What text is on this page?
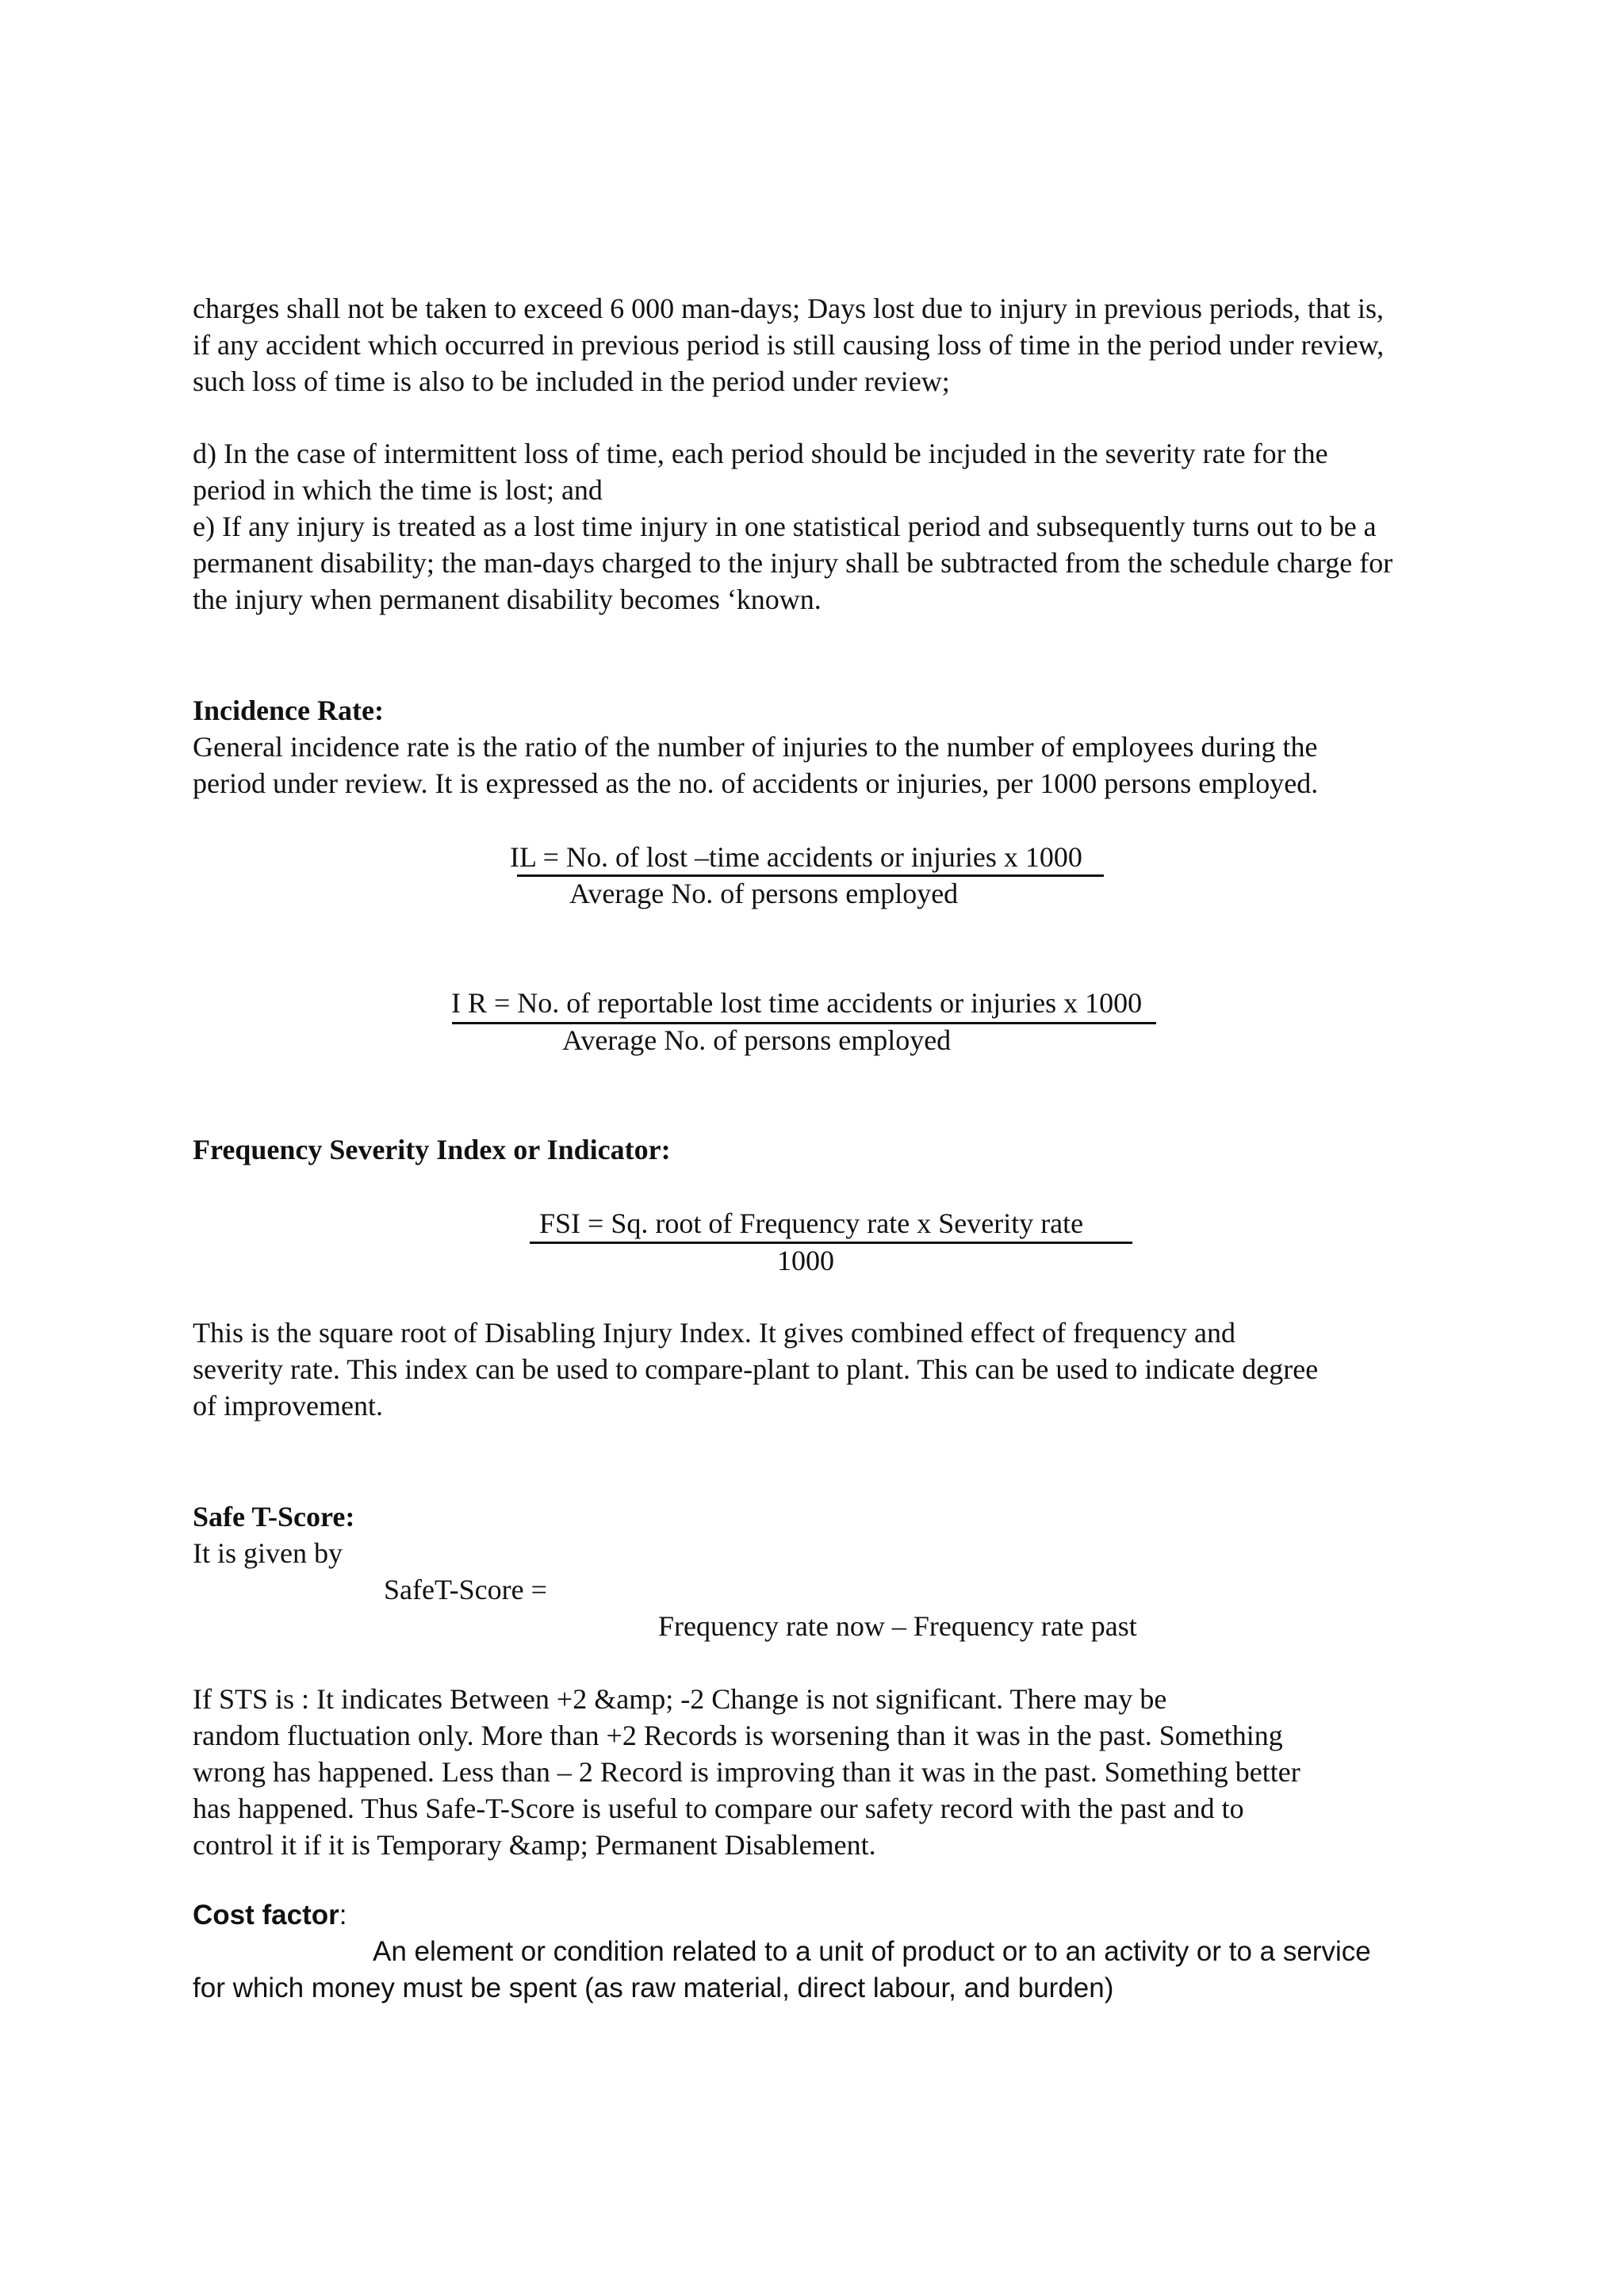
charges shall not be taken to exceed 6 000 man-days; Days lost due to injury in previous periods, that is,
if any accident which occurred in previous period is still causing loss of time in the period under review,
such loss of time is also to be included in the period under review;

d) In the case of intermittent loss of time, each period should be incjuded in the severity rate for the
period in which the time is lost; and
e) If any injury is treated as a lost time injury in one statistical period and subsequently turns out to be a
permanent disability; the man-days charged to the injury shall be subtracted from the schedule charge for
the injury when permanent disability becomes ‘known.

Incidence Rate:

General incidence rate is the ratio of the number of injuries to the number of employees during the
period under review. It is expressed as the no. of accidents or injuries, per 1000 persons employed.

IL = No. of lost –time accidents or injuries x 1000
Average No. of persons employed
I R = No. of reportable lost time accidents or injuries x 1000
Average No. of persons employed

Frequency Severity Index or Indicator:

FSI = Sq. root of Frequency rate x Severity rate
1000

This is the square root of Disabling Injury Index. It gives combined effect of frequency and
severity rate. This index can be used to compare-plant to plant. This can be used to indicate degree
of improvement.

Safe T-Score:

It is given by

SafeT-Score =
Frequency rate now – Frequency rate past

If STS is : It indicates Between +2 &amp; -2 Change is not significant. There may be
random fluctuation only. More than +2 Records is worsening than it was in the past. Something
wrong has happened. Less than – 2 Record is improving than it was in the past. Something better
has happened. Thus Safe-T-Score is useful to compare our safety record with the past and to
control it if it is Temporary &amp; Permanent Disablement.

Cost factor:

An element or condition related to a unit of product or to an activity or to a service
for which money must be spent (as raw material, direct labour, and burden)
